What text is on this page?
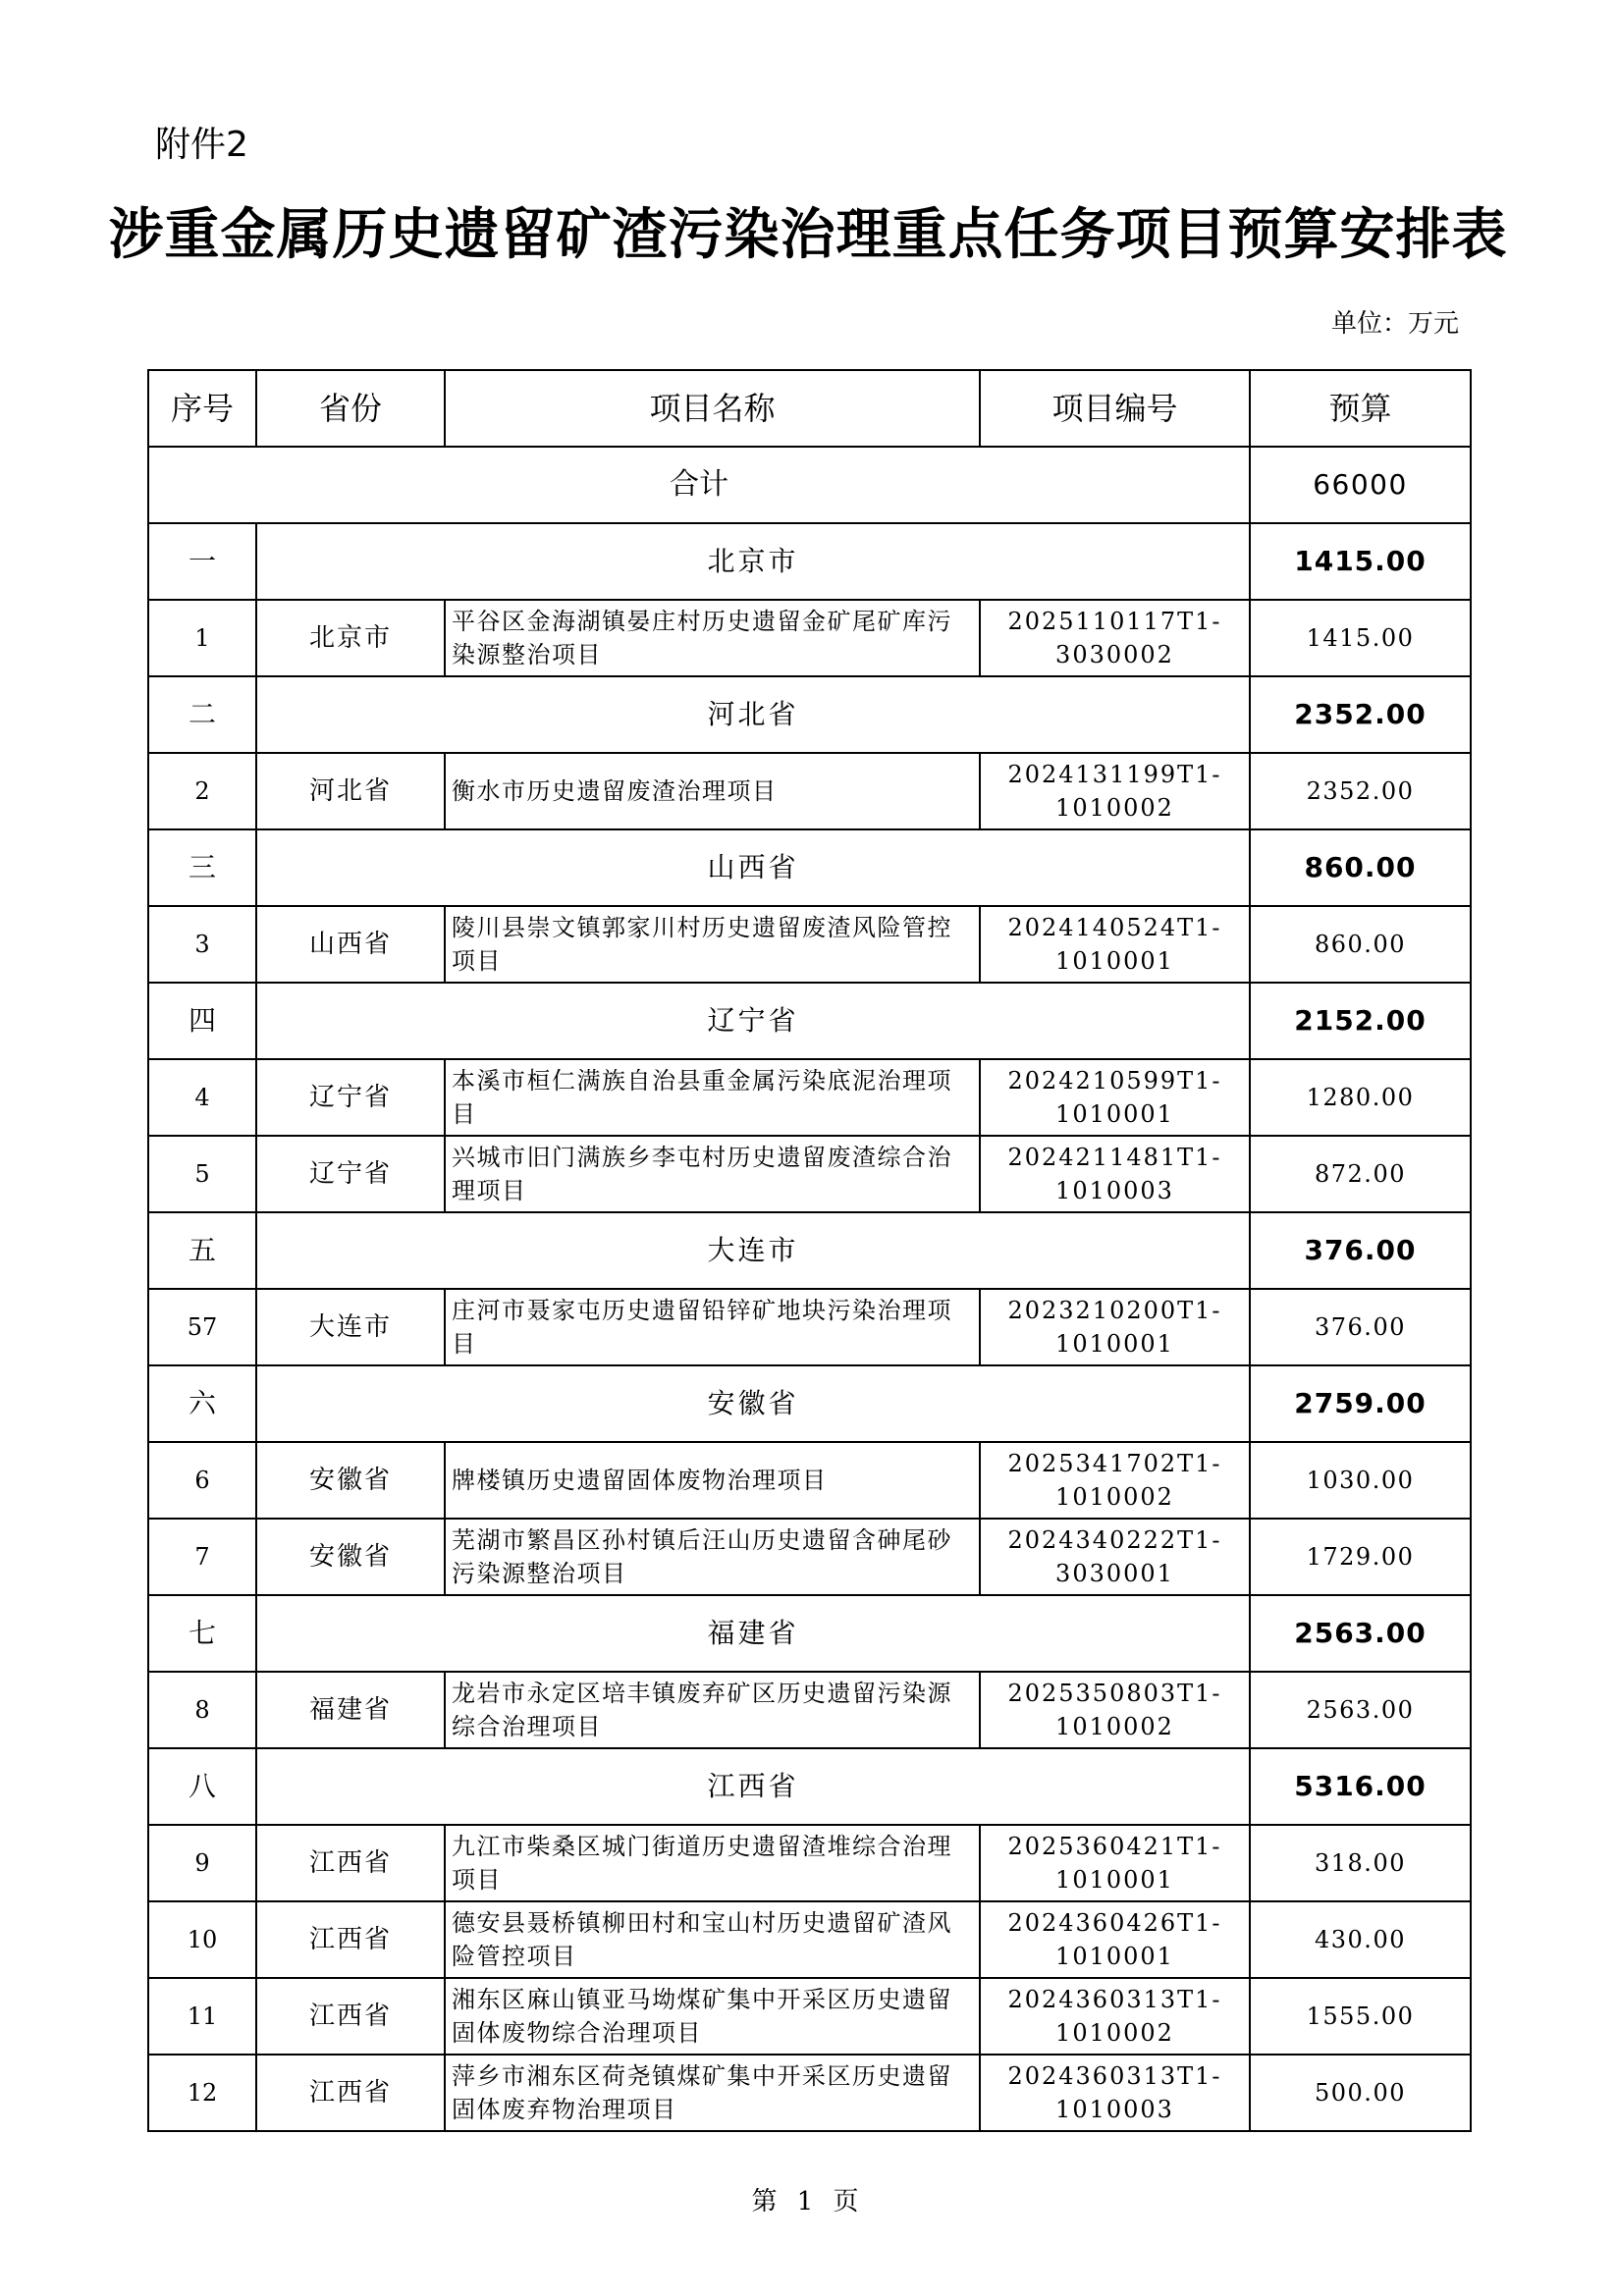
附件2
涉重金属历史遗留矿渣污染治理重点任务项目预算安排表
单位：万元
序号	省份	项目名称	项目编号	预算
合计				66000
一	北京市			1415.00
1	北京市	平谷区金海湖镇晏庄村历史遗留金矿尾矿库污染源整治项目	2025110117T1-3030002	1415.00
二	河北省			2352.00
2	河北省	衡水市历史遗留废渣治理项目	2024131199T1-1010002	2352.00
三	山西省			860.00
3	山西省	陵川县崇文镇郭家川村历史遗留废渣风险管控项目	2024140524T1-1010001	860.00
四	辽宁省			2152.00
4	辽宁省	本溪市桓仁满族自治县重金属污染底泥治理项目	2024210599T1-1010001	1280.00
5	辽宁省	兴城市旧门满族乡李屯村历史遗留废渣综合治理项目	2024211481T1-1010003	872.00
五	大连市			376.00
57	大连市	庄河市聂家屯历史遗留铅锌矿地块污染治理项目	2023210200T1-1010001	376.00
六	安徽省			2759.00
6	安徽省	牌楼镇历史遗留固体废物治理项目	2025341702T1-1010002	1030.00
7	安徽省	芜湖市繁昌区孙村镇后汪山历史遗留含砷尾砂污染源整治项目	2024340222T1-3030001	1729.00
七	福建省			2563.00
8	福建省	龙岩市永定区培丰镇废弃矿区历史遗留污染源综合治理项目	2025350803T1-1010002	2563.00
八	江西省			5316.00
9	江西省	九江市柴桑区城门街道历史遗留渣堆综合治理项目	2025360421T1-1010001	318.00
10	江西省	德安县聂桥镇柳田村和宝山村历史遗留矿渣风险管控项目	2024360426T1-1010001	430.00
11	江西省	湘东区麻山镇亚马坳煤矿集中开采区历史遗留固体废物综合治理项目	2024360313T1-1010002	1555.00
12	江西省	萍乡市湘东区荷尧镇煤矿集中开采区历史遗留固体废弃物治理项目	2024360313T1-1010003	500.00
第 1 页
